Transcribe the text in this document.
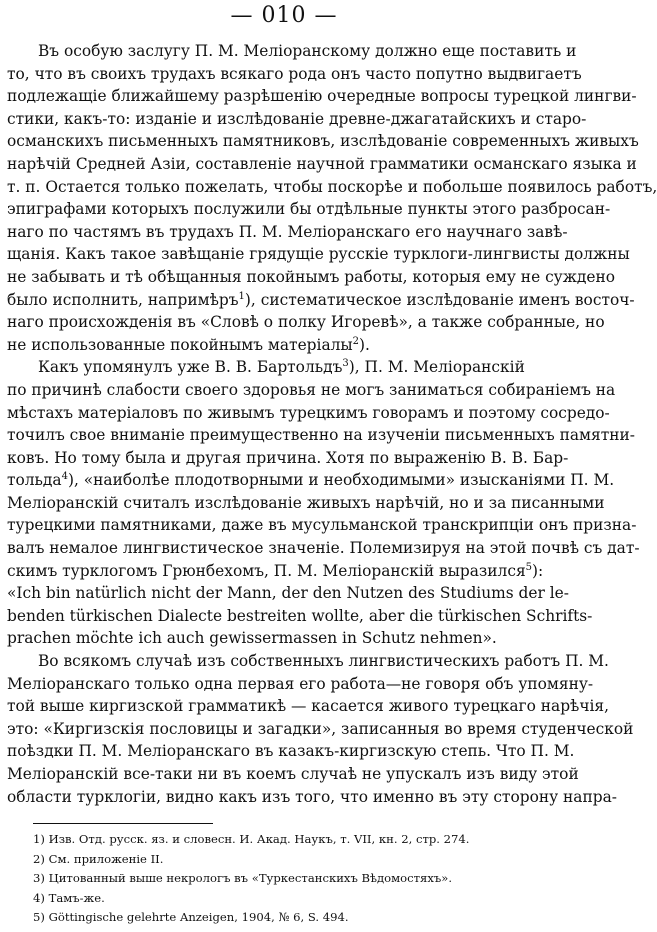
— 010 —

Въ особую заслугу П. М. Меліоранскому должно еще поставить и
то, что въ своихъ трудахъ всякаго рода онъ часто попутно выдвигаетъ
подлежащіе ближайшему разрѣшенію очередные вопросы турецкой лингви-
стики, какъ-то: изданіе и изслѣдованіе древне-джагатайскихъ и старо-
османскихъ письменныхъ памятниковъ, изслѣдованіе современныхъ живыхъ
нарѣчій Средней Азіи, составленіе научной грамматики османскаго языка и
т. п. Остается только пожелать, чтобы поскорѣе и побольше появилось работъ,
эпиграфами которыхъ послужили бы отдѣльные пункты этого разбросан-
наго по частямъ въ трудахъ П. М. Меліоранскаго его научнаго завѣ-
щанія. Какъ такое завѣщаніе грядущіе русскіе турклоги-лингвисты должны
не забывать и тѣ обѣщанныя покойнымъ работы, которыя ему не суждено
было исполнить, напримѣръ$^1$), систематическое изслѣдованіе именъ восточ-
наго происхожденія въ «Словѣ о полку Игоревѣ», а также собранные, но
не использованные покойнымъ матеріалы$^2$).

Какъ упомянулъ уже В. В. Бартольдъ$^3$), П. М. Меліоранскій
по причинѣ слабости своего здоровья не могъ заниматься собираніемъ на
мѣстахъ матеріаловъ по живымъ турецкимъ говорамъ и поэтому сосредо-
точилъ свое вниманіе преимущественно на изученіи письменныхъ памятни-
ковъ. Но тому была и другая причина. Хотя по выраженію В. В. Бар-
тольда$^4$), «наиболѣе плодотворными и необходимыми» изысканіями П. М.
Меліоранскій считалъ изслѣдованіе живыхъ нарѣчій, но и за писанными
турецкими памятниками, даже въ мусульманской транскрипціи онъ призна-
валъ немалое лингвистическое значеніе. Полемизируя на этой почвѣ съ дат-
скимъ турклогомъ Грюнбехомъ, П. М. Меліоранскій выразился$^5$):
«Ich bin natürlich nicht der Mann, der den Nutzen des Studiums der le-
benden türkischen Dialecte bestreiten wollte, aber die türkischen Schrifts-
prachen möchte ich auch gewissermassen in Schutz nehmen».

Во всякомъ случаѣ изъ собственныхъ лингвистическихъ работъ П. М.
Меліоранскаго только одна первая его работа—не говоря объ упомяну-
той выше киргизской грамматикѣ — касается живого турецкаго нарѣчія,
это: «Киргизскія пословицы и загадки», записанныя во время студенческой
поѣздки П. М. Меліоранскаго въ казакъ-киргизскую степь. Что П. М.
Меліоранскій все-таки ни въ коемъ случаѣ не упускалъ изъ виду этой
области турклогіи, видно какъ изъ того, что именно въ эту сторону напра-

1) Изв. Отд. русск. яз. и словесн. И. Акад. Наукъ, т. VII, кн. 2, стр. 274.
2) См. приложеніе II.
3) Цитованный выше некрологъ въ «Туркестанскихъ Вѣдомостяхъ».
4) Тамъ-же.
5) Göttingische gelehrte Anzeigen, 1904, № 6, S. 494.
